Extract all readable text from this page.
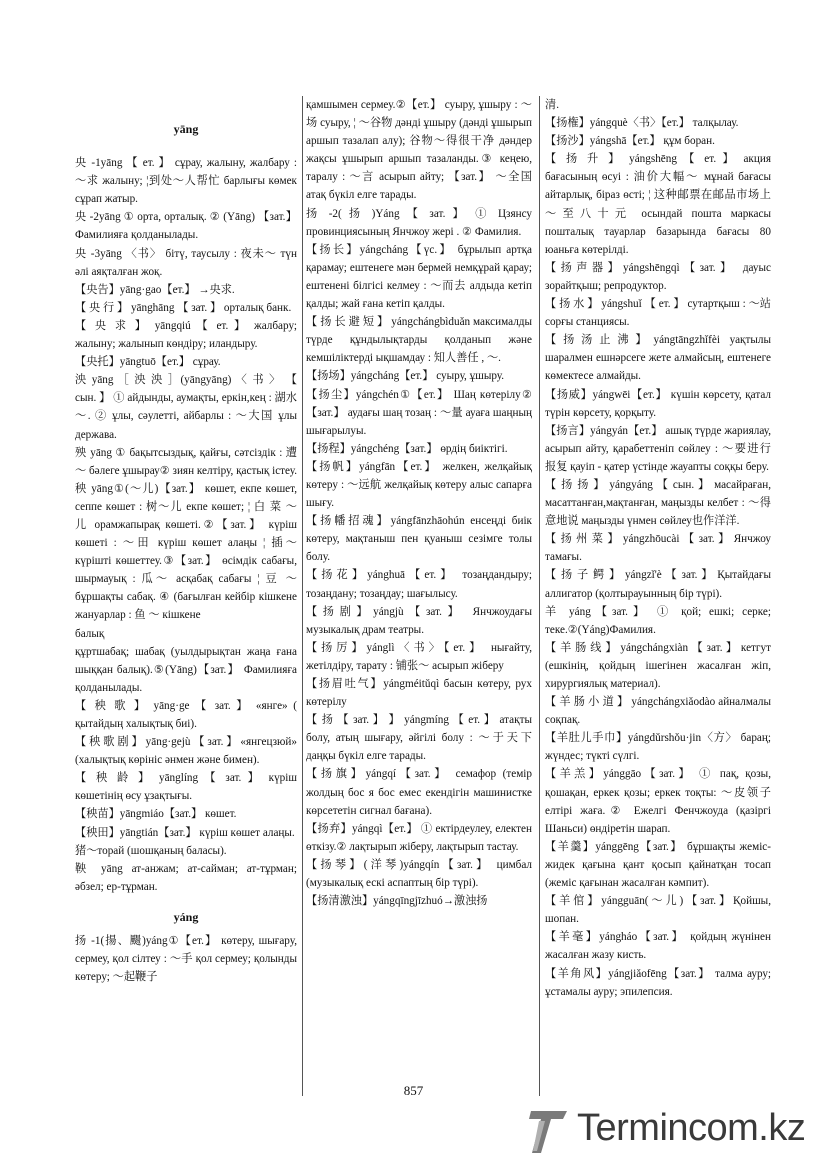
yāng

央 -1yāng 【 ет. 】 сұрау, жалыну, жалбару : ～求 жалыну; ¦到处～人帮忙 барлығы көмек сұрап жатыр.

央 -2yāng ① орта, орталық. ② (Yāng) 【зат.】 Фамилияға қолданылады.

央 -3yāng 〈书〉 бітү, таусылу : 夜未～ түн әлі аяқталған жоқ.

【央告】yāng·gao【ет.】 →央求.

【 央 行 】 yānghāng 【 зат. 】 орталық банк.

【 央 求 】 yāngqiú 【 ет. 】 жалбару; жалыну; жалынып көндіру; иландыру.

【央托】yāngtuō【ет.】 сұрау.

泱 yāng ［ 泱 泱 ］(yāngyāng) 〈 书 〉 【 сын. 】 ① айдынды, аумақты, еркін,кең : 湖水～. ② ұлы, сәулетті, айбарлы : ～大国 ұлы держава.

殃 yāng ① бақытсыздық, қайғы, сәтсіздік : 遭～ бәлеге ұшырау② зиян келтіру, қастық істеу.

秧 yāng①(～儿)【зат.】 көшет, екпе көшет, сеппе көшет : 树～儿 екпе көшет; ¦ 白 菜 ～ 儿 орамжапырақ көшеті.②【зат.】 күріш көшеті : ～田 күріш көшет алаңы ¦ 插～ күрішті көшеттеу.③【зат.】 өсімдік сабағы, шырмауық : 瓜～ асқабақ сабағы ¦ 豆 ～ бұршақты сабақ. ④ (бағылған кейбір кішкене жануарлар : 鱼 ～ кішкене

балық

құртшабақ; шабақ (уылдырықтан жаңа ғана шыққан балық).⑤(Yāng)【зат.】 Фамилияға қолданылады.

【 秧 歌 】 yāng·ge 【 зат. 】 «янге» ( қытайдың халықтық биі).

【 秧 歌 剧 】 yāng·gejù 【 зат. 】 «янгецзюй» (халықтық көрініс әнмен және бимен).

【 秧 龄 】 yānglíng 【 зат. 】 күріш көшетінің өсу ұзақтығы.

【秧苗】yāngmiáo【зат.】 көшет.

【秧田】yāngtián【зат.】 күріш көшет алаңы.

猪～торай (шошқаның баласы).

鞅 yāng ат-анжам; ат-сайман; ат-тұрман; әбзел; ер-тұрман.

yáng

扬 -1(揚、颺)yáng①【ет.】 көтеру, шығару, сермеу, қол сілтеу : ～手 қол сермеу; қолынды көтеру; ～起鞭子

қамшымен сермеу.②【ет.】 суыру, ұшыру : ～场 суыру, ¦ ～谷物 дәнді ұшыру (дәнді ұшырып аршып тазалап алу); 谷物～得很干净 дәндер жақсы ұшырып аршып тазаланды.③ кеңею, таралу : ～言 асырып айту; 【зат.】 ～全国 атақ бүкіл елге тарады.

扬 -2( 扬 )Yáng 【 зат. 】 ① Цзянсу провинциясының Янчжоу жері . ② Фамилия.

【扬长】yángcháng【үс.】 бұрылып артқа қарамау; ештенеге мән бермей немқұрай қарау; ештенені білгісі келмеу : ～而去 алдыда кетіп қалды; жай ғана кетіп қалды.

【 扬 长 避 短 】 yángchángbìduǎn максималды түрде құндылықтарды қолданып және кемшіліктерді ықшамдау : 知人善任 , ～.

【扬场】yángcháng【ет.】 суыру, ұшыру.

【扬尘】yángchén①【ет.】 Шаң көтерілу② 【зат.】 аудағы шаң тозаң : ～量 ауаға шаңның шығарылуы.

【扬程】yángchéng【зат.】 өрдің биіктігі.

【扬帆】yángfān【ет.】 желкен, желқайық көтеру : ～远航 желқайық көтеру алыс сапарға шығу.

【扬幡招魂】yángfānzhāohún енсеңді биік көтеру, мақтаныш пен қуаныш сезімге толы болу.

【扬花】yánghuā【ет.】 тозаңдандыру; тозаңдану; тозаңдау; шағылысу.

【扬剧】yángjù【зат.】 Янчжоудағы музыкалық драм театры.

【扬厉】yánglì〈书〉【ет.】 нығайту, жетілдіру, тарату : 铺张～ асырып жіберу

【扬眉吐气】yángméitǔqì басын көтеру, рух көтерілу

【 扬 【 зат. 】 】 yángmíng 【 ет. 】 атақты болу, атың шығару, әйгілі болу : ～于天下 даңқы бүкіл елге тарады.

【扬旗】yángqí【зат.】 семафор (темір жолдың бос я бос емес екендігін машинистке көрсететін сигнал бағана).

【扬弃】yángqì【ет.】 ① ектірдеулеу, електен өткізу.② лақтырып жіберу, лақтырып тастау.

【扬琴】(洋琴)yángqín【зат.】 цимбал (музыкалық ескі аспаптың бір түрі).

【扬清激浊】yángqīngjīzhuó→激浊扬

清.

【扬権】yángquè〈书〉【ет.】 талқылау.

【扬沙】yángshā【ет.】 құм боран.

【 扬 升 】 yángshēng 【 ет. 】 акция бағасының өсуі : 油价大幅～ мұнай бағасы айтарлық, біраз өсті; ¦ 这种邮票在邮品市场上～至八十元 осындай пошта маркасы пошталық тауарлар базарында бағасы 80 юаньға көтерілді.

【扬声器】yángshēngqì【зат.】 дауыс зорайтқыш; репродуктор.

【 扬 水 】 yángshuǐ 【 ет. 】 сутартқыш : ～站 сорғы станциясы.

【扬汤止沸】yángtāngzhǐfèi уақтылы шаралмен ешнәрсеге жете алмайсың, ештенеге көмектесе алмайды.

【扬威】yángwēi【ет.】 күшін көрсету, қатал түрін көрсету, қорқыту.

【扬言】yángyán【ет.】 ашық түрде жариялау, асырып айту, қарабеттеніп сөйлеу : ～要进行报复 қауіп - қатер үстінде жауапты соққы беру.

【 扬 扬 】 yángyáng 【 сын. 】 масайраған, масаттанған,мақтанған, маңызды келбет : ～得意地说 маңызды үнмен сөйлеу也作洋洋.

【 扬 州 菜 】 yángzhōucài 【 зат. 】 Янчжоу тамағы.

【 扬 子 鳄 】 yángzǐ'è 【 зат. 】 Қытайдағы аллигатор (қолтырауынның бір түрі).

羊 yáng【зат.】 ① қой; ешкі; серке; теке.②(Yáng)Фамилия.

【 羊 肠 线 】 yángchángxiàn 【 зат. 】 кетгут (ешкінің, қойдың ішегінен жасалған жіп, хирургиялық материал).

【 羊 肠 小 道 】 yángchángxiǎodào айналмалы соқпақ.

【羊肚儿手巾】yángdǔrshǒu·jin〈方〉 бараң; жүндес; түкті сүлгі.

【羊羔】yánggāo【зат.】 ① пақ, қозы, қошақан, еркек қозы; еркек тоқты: ～皮领子 елтірі жаға.② Ежелгі Фенчжоуда (қазіргі Шаньси) өндіретін шарап.

【羊羹】yánggēng【зат.】 бұршақты жеміс-жидек қағына қант қосып қайнатқан тосап (жеміс қағынан жасалған кәмпит).

【 羊 倌 】 yángguān( ～ 儿 ) 【 зат. 】 Қойшы, шопан.

【羊毫】yángháo【зат.】 қойдың жүнінен жасалған жазу кисть.

【羊角风】yángjiǎofēng【зат.】 талма ауру; ұстамалы ауру; эпилепсия.

857
Termincom.kz
